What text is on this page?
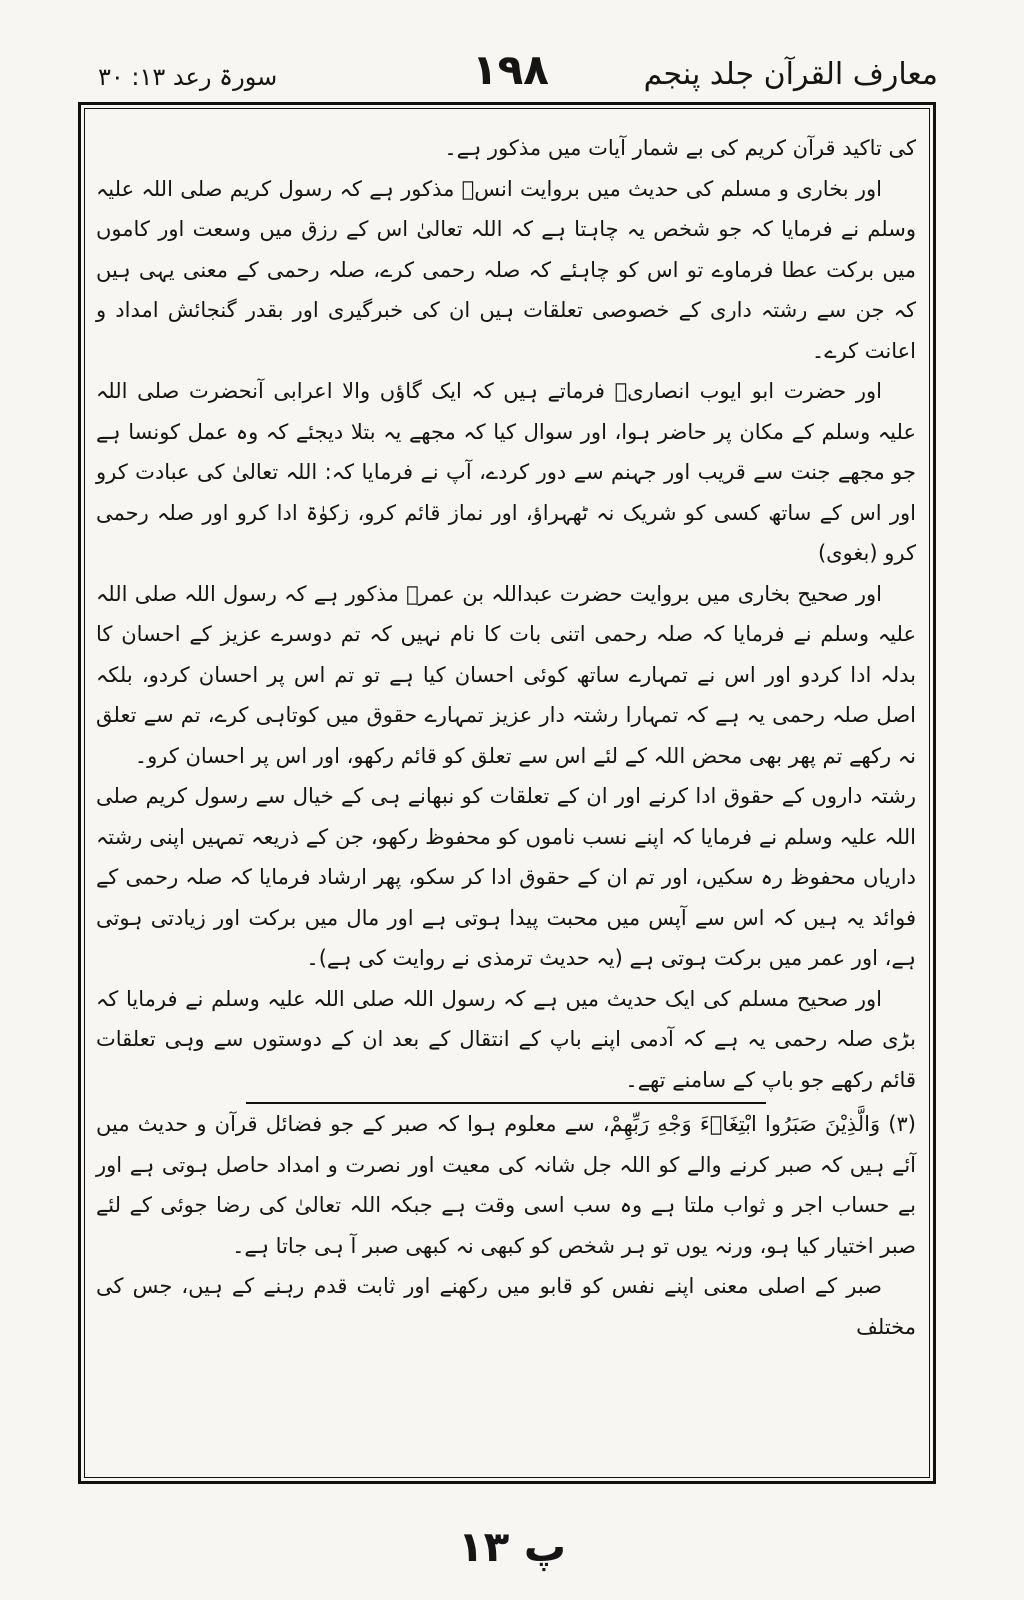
سورۃ رعد ۱۳: ۳۰	۱۹۸	معارف القرآن جلد پنجم

کی تاکید قرآن کریم کی بے شمار آیات میں مذکور ہے۔

اور بخاری و مسلم کی حدیث میں بروایت انسؓ مذکور ہے کہ رسول کریم صلی اللہ علیہ وسلم نے فرمایا کہ جو شخص یہ چاہتا ہے کہ اللہ تعالیٰ اس کے رزق میں وسعت اور کاموں میں برکت عطا فرماوے تو اس کو چاہئے کہ صلہ رحمی کرے، صلہ رحمی کے معنی یہی ہیں کہ جن سے رشتہ داری کے خصوصی تعلقات ہیں ان کی خبرگیری اور بقدر گنجائش امداد و اعانت کرے۔

اور حضرت ابو ایوب انصاریؓ فرماتے ہیں کہ ایک گاؤں والا اعرابی آنحضرت صلی اللہ علیہ وسلم کے مکان پر حاضر ہوا، اور سوال کیا کہ مجھے یہ بتلا دیجئے کہ وہ عمل کونسا ہے جو مجھے جنت سے قریب اور جہنم سے دور کردے، آپ نے فرمایا کہ: اللہ تعالیٰ کی عبادت کرو اور اس کے ساتھ کسی کو شریک نہ ٹھہراؤ، اور نماز قائم کرو، زکوٰۃ ادا کرو اور صلہ رحمی کرو (بغوی)

اور صحیح بخاری میں بروایت حضرت عبداللہ بن عمرؓ مذکور ہے کہ رسول اللہ صلی اللہ علیہ وسلم نے فرمایا کہ صلہ رحمی اتنی بات کا نام نہیں کہ تم دوسرے عزیز کے احسان کا بدلہ ادا کردو اور اس نے تمہارے ساتھ کوئی احسان کیا ہے تو تم اس پر احسان کردو، بلکہ اصل صلہ رحمی یہ ہے کہ تمہارا رشتہ دار عزیز تمہارے حقوق میں کوتاہی کرے، تم سے تعلق نہ رکھے تم پھر بھی محض اللہ کے لئے اس سے تعلق کو قائم رکھو، اور اس پر احسان کرو۔

رشتہ داروں کے حقوق ادا کرنے اور ان کے تعلقات کو نبھانے ہی کے خیال سے رسول کریم صلی اللہ علیہ وسلم نے فرمایا کہ اپنے نسب ناموں کو محفوظ رکھو، جن کے ذریعہ تمہیں اپنی رشتہ داریاں محفوظ رہ سکیں، اور تم ان کے حقوق ادا کر سکو، پھر ارشاد فرمایا کہ صلہ رحمی کے فوائد یہ ہیں کہ اس سے آپس میں محبت پیدا ہوتی ہے اور مال میں برکت اور زیادتی ہوتی ہے، اور عمر میں برکت ہوتی ہے (یہ حدیث ترمذی نے روایت کی ہے)۔

اور صحیح مسلم کی ایک حدیث میں ہے کہ رسول اللہ صلی اللہ علیہ وسلم نے فرمایا کہ بڑی صلہ رحمی یہ ہے کہ آدمی اپنے باپ کے انتقال کے بعد ان کے دوستوں سے وہی تعلقات قائم رکھے جو باپ کے سامنے تھے۔

(۳) وَالَّذِيْنَ صَبَرُوا ابْتِغَاۗءَ وَجْهِ رَبِّهِمْ، سے معلوم ہوا کہ صبر کے جو فضائل قرآن و حدیث میں آئے ہیں کہ صبر کرنے والے کو اللہ جل شانہ کی معیت اور نصرت و امداد حاصل ہوتی ہے اور بے حساب اجر و ثواب ملتا ہے وہ سب اسی وقت ہے جبکہ اللہ تعالیٰ کی رضا جوئی کے لئے صبر اختیار کیا ہو، ورنہ یوں تو ہر شخص کو کبھی نہ کبھی صبر آ ہی جاتا ہے۔

صبر کے اصلی معنی اپنے نفس کو قابو میں رکھنے اور ثابت قدم رہنے کے ہیں، جس کی مختلف

پ ۱۳
